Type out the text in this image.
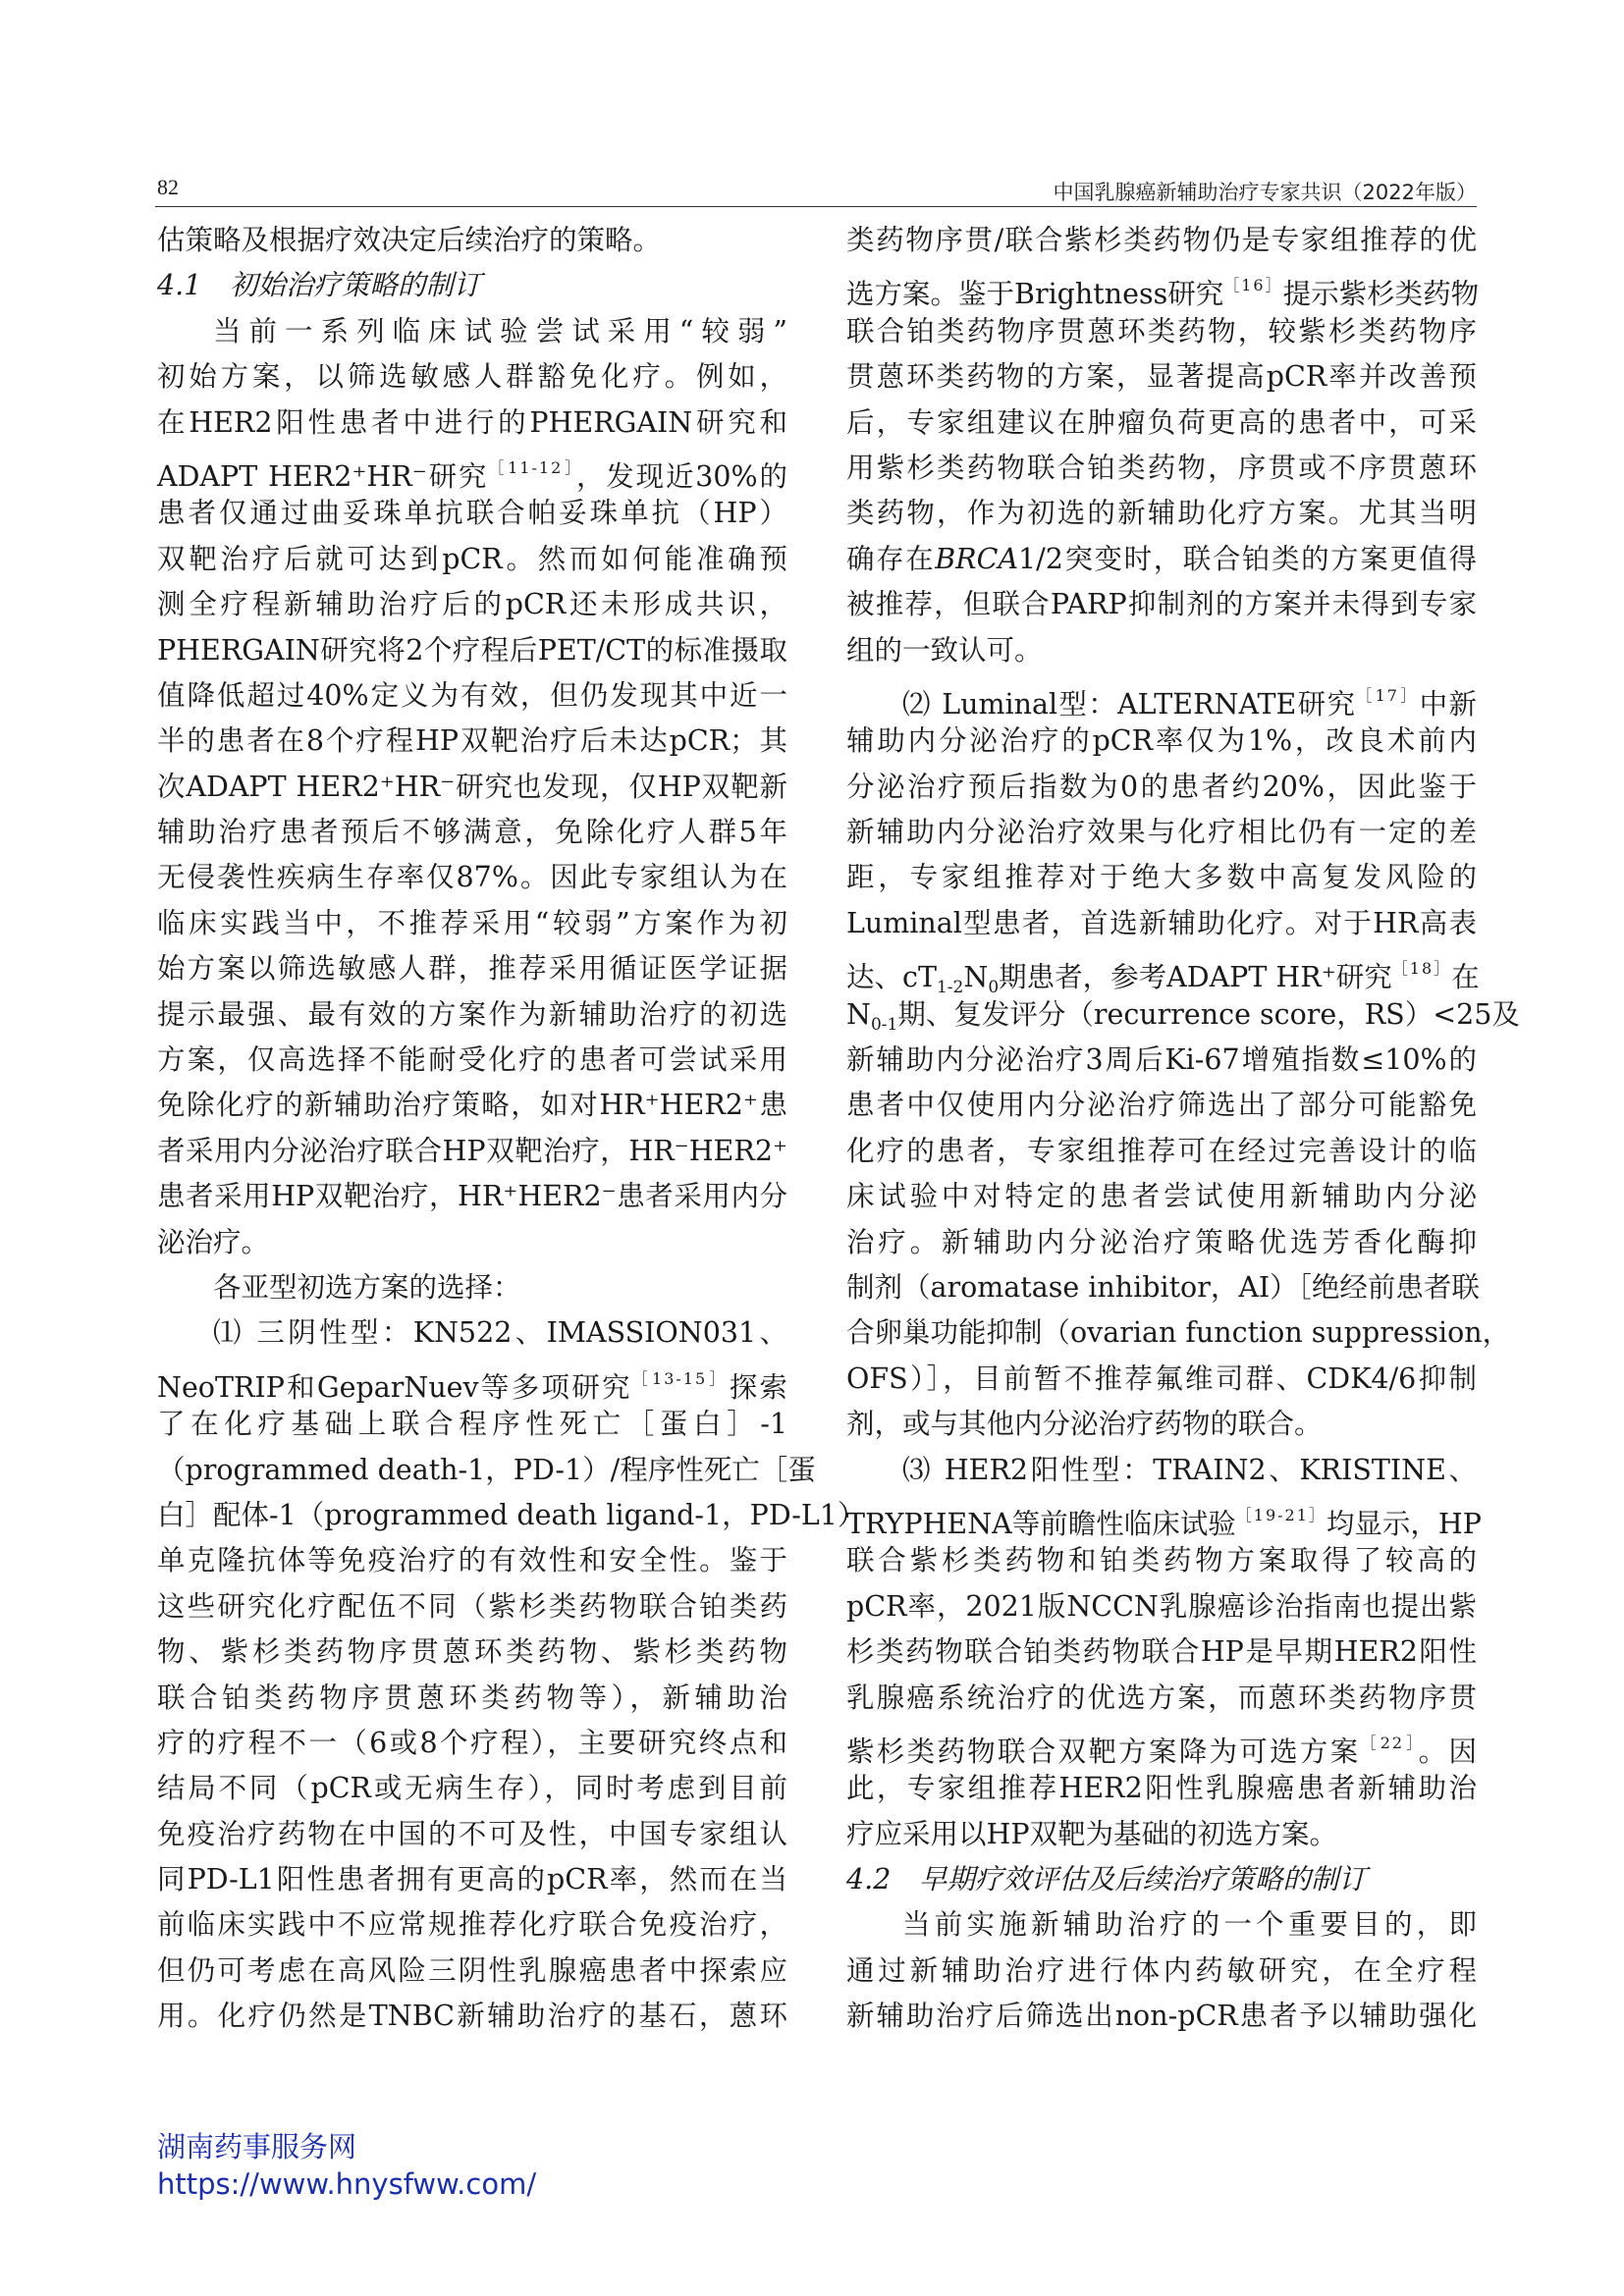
82	中国乳腺癌新辅助治疗专家共识（2022年版）
估策略及根据疗效决定后续治疗的策略。
4.1　初始治疗策略的制订
当前一系列临床试验尝试采用“较弱”
初始方案，以筛选敏感人群豁免化疗。例如，
在HER2阳性患者中进行的PHERGAIN研究和
ADAPT HER2⁺HR⁻研究$^{[11-12]}$，发现近30%的
患者仅通过曲妥珠单抗联合帕妥珠单抗（HP）
双靶治疗后就可达到pCR。然而如何能准确预
测全疗程新辅助治疗后的pCR还未形成共识，
PHERGAIN研究将2个疗程后PET/CT的标准摄取
值降低超过40%定义为有效，但仍发现其中近一
半的患者在8个疗程HP双靶治疗后未达pCR；其
次ADAPT HER2⁺HR⁻研究也发现，仅HP双靶新
辅助治疗患者预后不够满意，免除化疗人群5年
无侵袭性疾病生存率仅87%。因此专家组认为在
临床实践当中，不推荐采用“较弱”方案作为初
始方案以筛选敏感人群，推荐采用循证医学证据
提示最强、最有效的方案作为新辅助治疗的初选
方案，仅高选择不能耐受化疗的患者可尝试采用
免除化疗的新辅助治疗策略，如对HR⁺HER2⁺患
者采用内分泌治疗联合HP双靶治疗，HR⁻HER2⁺
患者采用HP双靶治疗，HR⁺HER2⁻患者采用内分
泌治疗。
各亚型初选方案的选择：
⑴ 三阴性型：KN522、IMASSION031、
NeoTRIP和GeparNuev等多项研究$^{[13-15]}$探索
了在化疗基础上联合程序性死亡［蛋白］-1
（programmed death-1，PD-1）/程序性死亡［蛋
白］配体-1（programmed death ligand-1，PD-L1）
单克隆抗体等免疫治疗的有效性和安全性。鉴于
这些研究化疗配伍不同（紫杉类药物联合铂类药
物、紫杉类药物序贯蒽环类药物、紫杉类药物
联合铂类药物序贯蒽环类药物等），新辅助治
疗的疗程不一（6或8个疗程），主要研究终点和
结局不同（pCR或无病生存），同时考虑到目前
免疫治疗药物在中国的不可及性，中国专家组认
同PD-L1阳性患者拥有更高的pCR率，然而在当
前临床实践中不应常规推荐化疗联合免疫治疗，
但仍可考虑在高风险三阴性乳腺癌患者中探索应
用。化疗仍然是TNBC新辅助治疗的基石，蒽环
类药物序贯/联合紫杉类药物仍是专家组推荐的优
选方案。鉴于Brightness研究$^{[16]}$提示紫杉类药物
联合铂类药物序贯蒽环类药物，较紫杉类药物序
贯蒽环类药物的方案，显著提高pCR率并改善预
后，专家组建议在肿瘤负荷更高的患者中，可采
用紫杉类药物联合铂类药物，序贯或不序贯蒽环
类药物，作为初选的新辅助化疗方案。尤其当明
确存在BRCA1/2突变时，联合铂类的方案更值得
被推荐，但联合PARP抑制剂的方案并未得到专家
组的一致认可。
⑵ Luminal型：ALTERNATE研究$^{[17]}$中新
辅助内分泌治疗的pCR率仅为1%，改良术前内
分泌治疗预后指数为0的患者约20%，因此鉴于
新辅助内分泌治疗效果与化疗相比仍有一定的差
距，专家组推荐对于绝大多数中高复发风险的
Luminal型患者，首选新辅助化疗。对于HR高表
达、$cT_{1-2}N_0$期患者，参考ADAPT HR⁺研究$^{[18]}$在
$N_{0-1}$期、复发评分（recurrence score，RS）<25及
新辅助内分泌治疗3周后Ki-67增殖指数≤10%的
患者中仅使用内分泌治疗筛选出了部分可能豁免
化疗的患者，专家组推荐可在经过完善设计的临
床试验中对特定的患者尝试使用新辅助内分泌
治疗。新辅助内分泌治疗策略优选芳香化酶抑
制剂（aromatase inhibitor，AI）［绝经前患者联
合卵巢功能抑制（ovarian function suppression，
OFS）］，目前暂不推荐氟维司群、CDK4/6抑制
剂，或与其他内分泌治疗药物的联合。
⑶ HER2阳性型：TRAIN2、KRISTINE、
TRYPHENA等前瞻性临床试验$^{[19-21]}$均显示，HP
联合紫杉类药物和铂类药物方案取得了较高的
pCR率，2021版NCCN乳腺癌诊治指南也提出紫
杉类药物联合铂类药物联合HP是早期HER2阳性
乳腺癌系统治疗的优选方案，而蒽环类药物序贯
紫杉类药物联合双靶方案降为可选方案$^{[22]}$。因
此，专家组推荐HER2阳性乳腺癌患者新辅助治
疗应采用以HP双靶为基础的初选方案。
4.2　早期疗效评估及后续治疗策略的制订
当前实施新辅助治疗的一个重要目的，即
通过新辅助治疗进行体内药敏研究，在全疗程
新辅助治疗后筛选出non-pCR患者予以辅助强化
湖南药事服务网
https://www.hnysfww.com/
